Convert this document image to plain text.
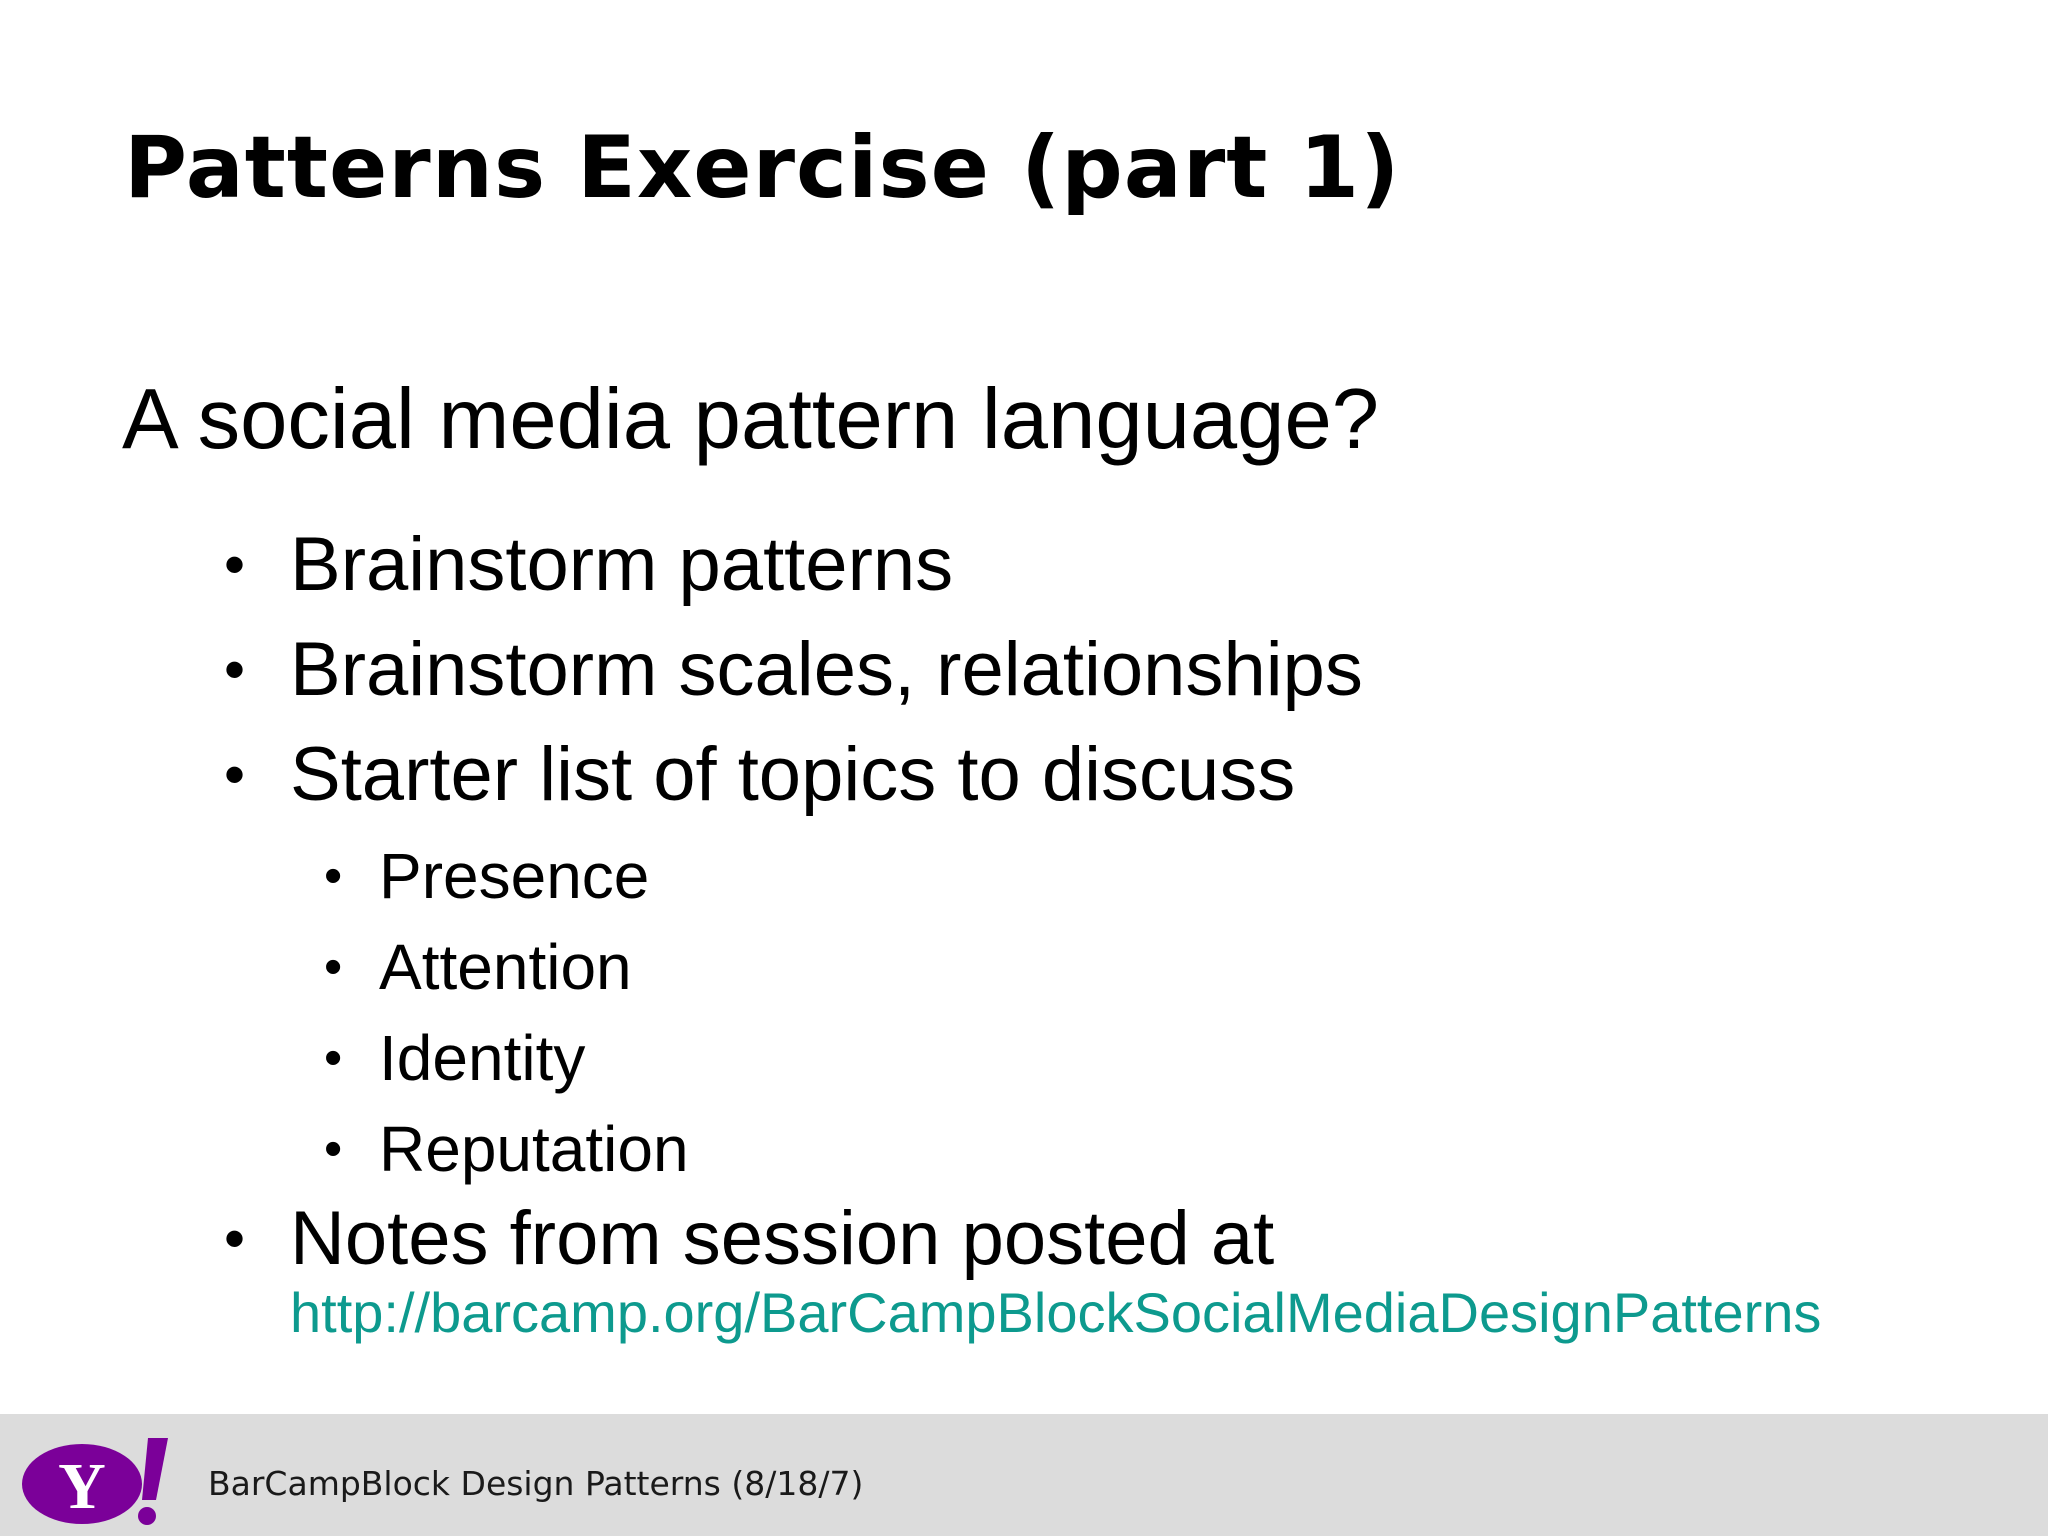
Patterns Exercise (part 1)
A social media pattern language?
• Brainstorm patterns
• Brainstorm scales, relationships
• Starter list of topics to discuss
• Presence
• Attention
• Identity
• Reputation
• Notes from session posted at
http://barcamp.org/BarCampBlockSocialMediaDesignPatterns
Y	BarCampBlock Design Patterns (8/18/7)
